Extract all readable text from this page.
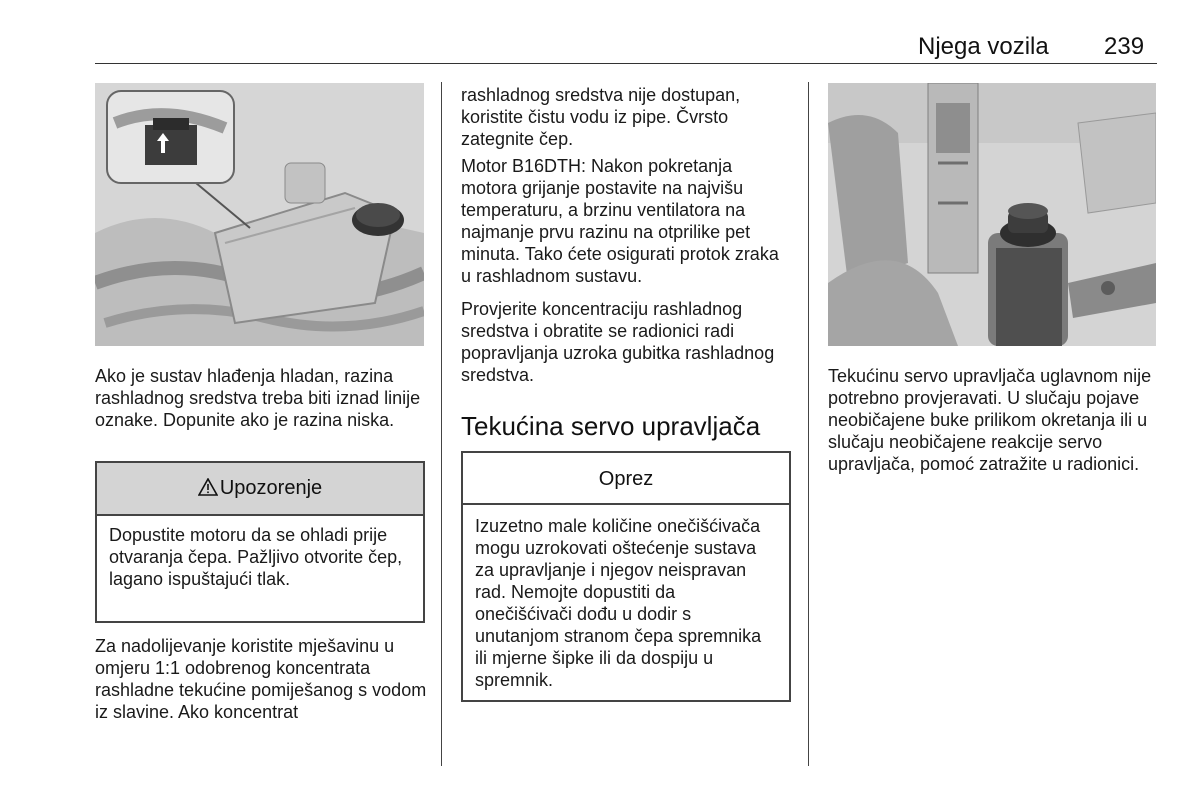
Njega vozila 239

Ako je sustav hlađenja hladan, razina rashladnog sredstva treba biti iznad linije oznake. Dopunite ako je razina niska.

Upozorenje
Dopustite motoru da se ohladi prije otvaranja čepa. Pažljivo otvorite čep, lagano ispuštajući tlak.

Za nadolijevanje koristite mješavinu u omjeru 1:1 odobrenog koncentrata rashladne tekućine pomiješanog s vodom iz slavine. Ako koncentrat

rashladnog sredstva nije dostupan, koristite čistu vodu iz pipe. Čvrsto zategnite čep.

Motor B16DTH: Nakon pokretanja motora grijanje postavite na najvišu temperaturu, a brzinu ventilatora na najmanje prvu razinu na otprilike pet minuta. Tako ćete osigurati protok zraka u rashladnom sustavu.

Provjerite koncentraciju rashladnog sredstva i obratite se radionici radi popravljanja uzroka gubitka rashladnog sredstva.

Tekućina servo upravljača
Oprez
Izuzetno male količine onečišćivača mogu uzrokovati oštećenje sustava za upravljanje i njegov neispravan rad. Nemojte dopustiti da onečišćivači dođu u dodir s unutanjom stranom čepa spremnika ili mjerne šipke ili da dospiju u spremnik.

Tekućinu servo upravljača uglavnom nije potrebno provjeravati. U slučaju pojave neobičajene buke prilikom okretanja ili u slučaju neobičajene reakcije servo upravljača, pomoć zatražite u radionici.
